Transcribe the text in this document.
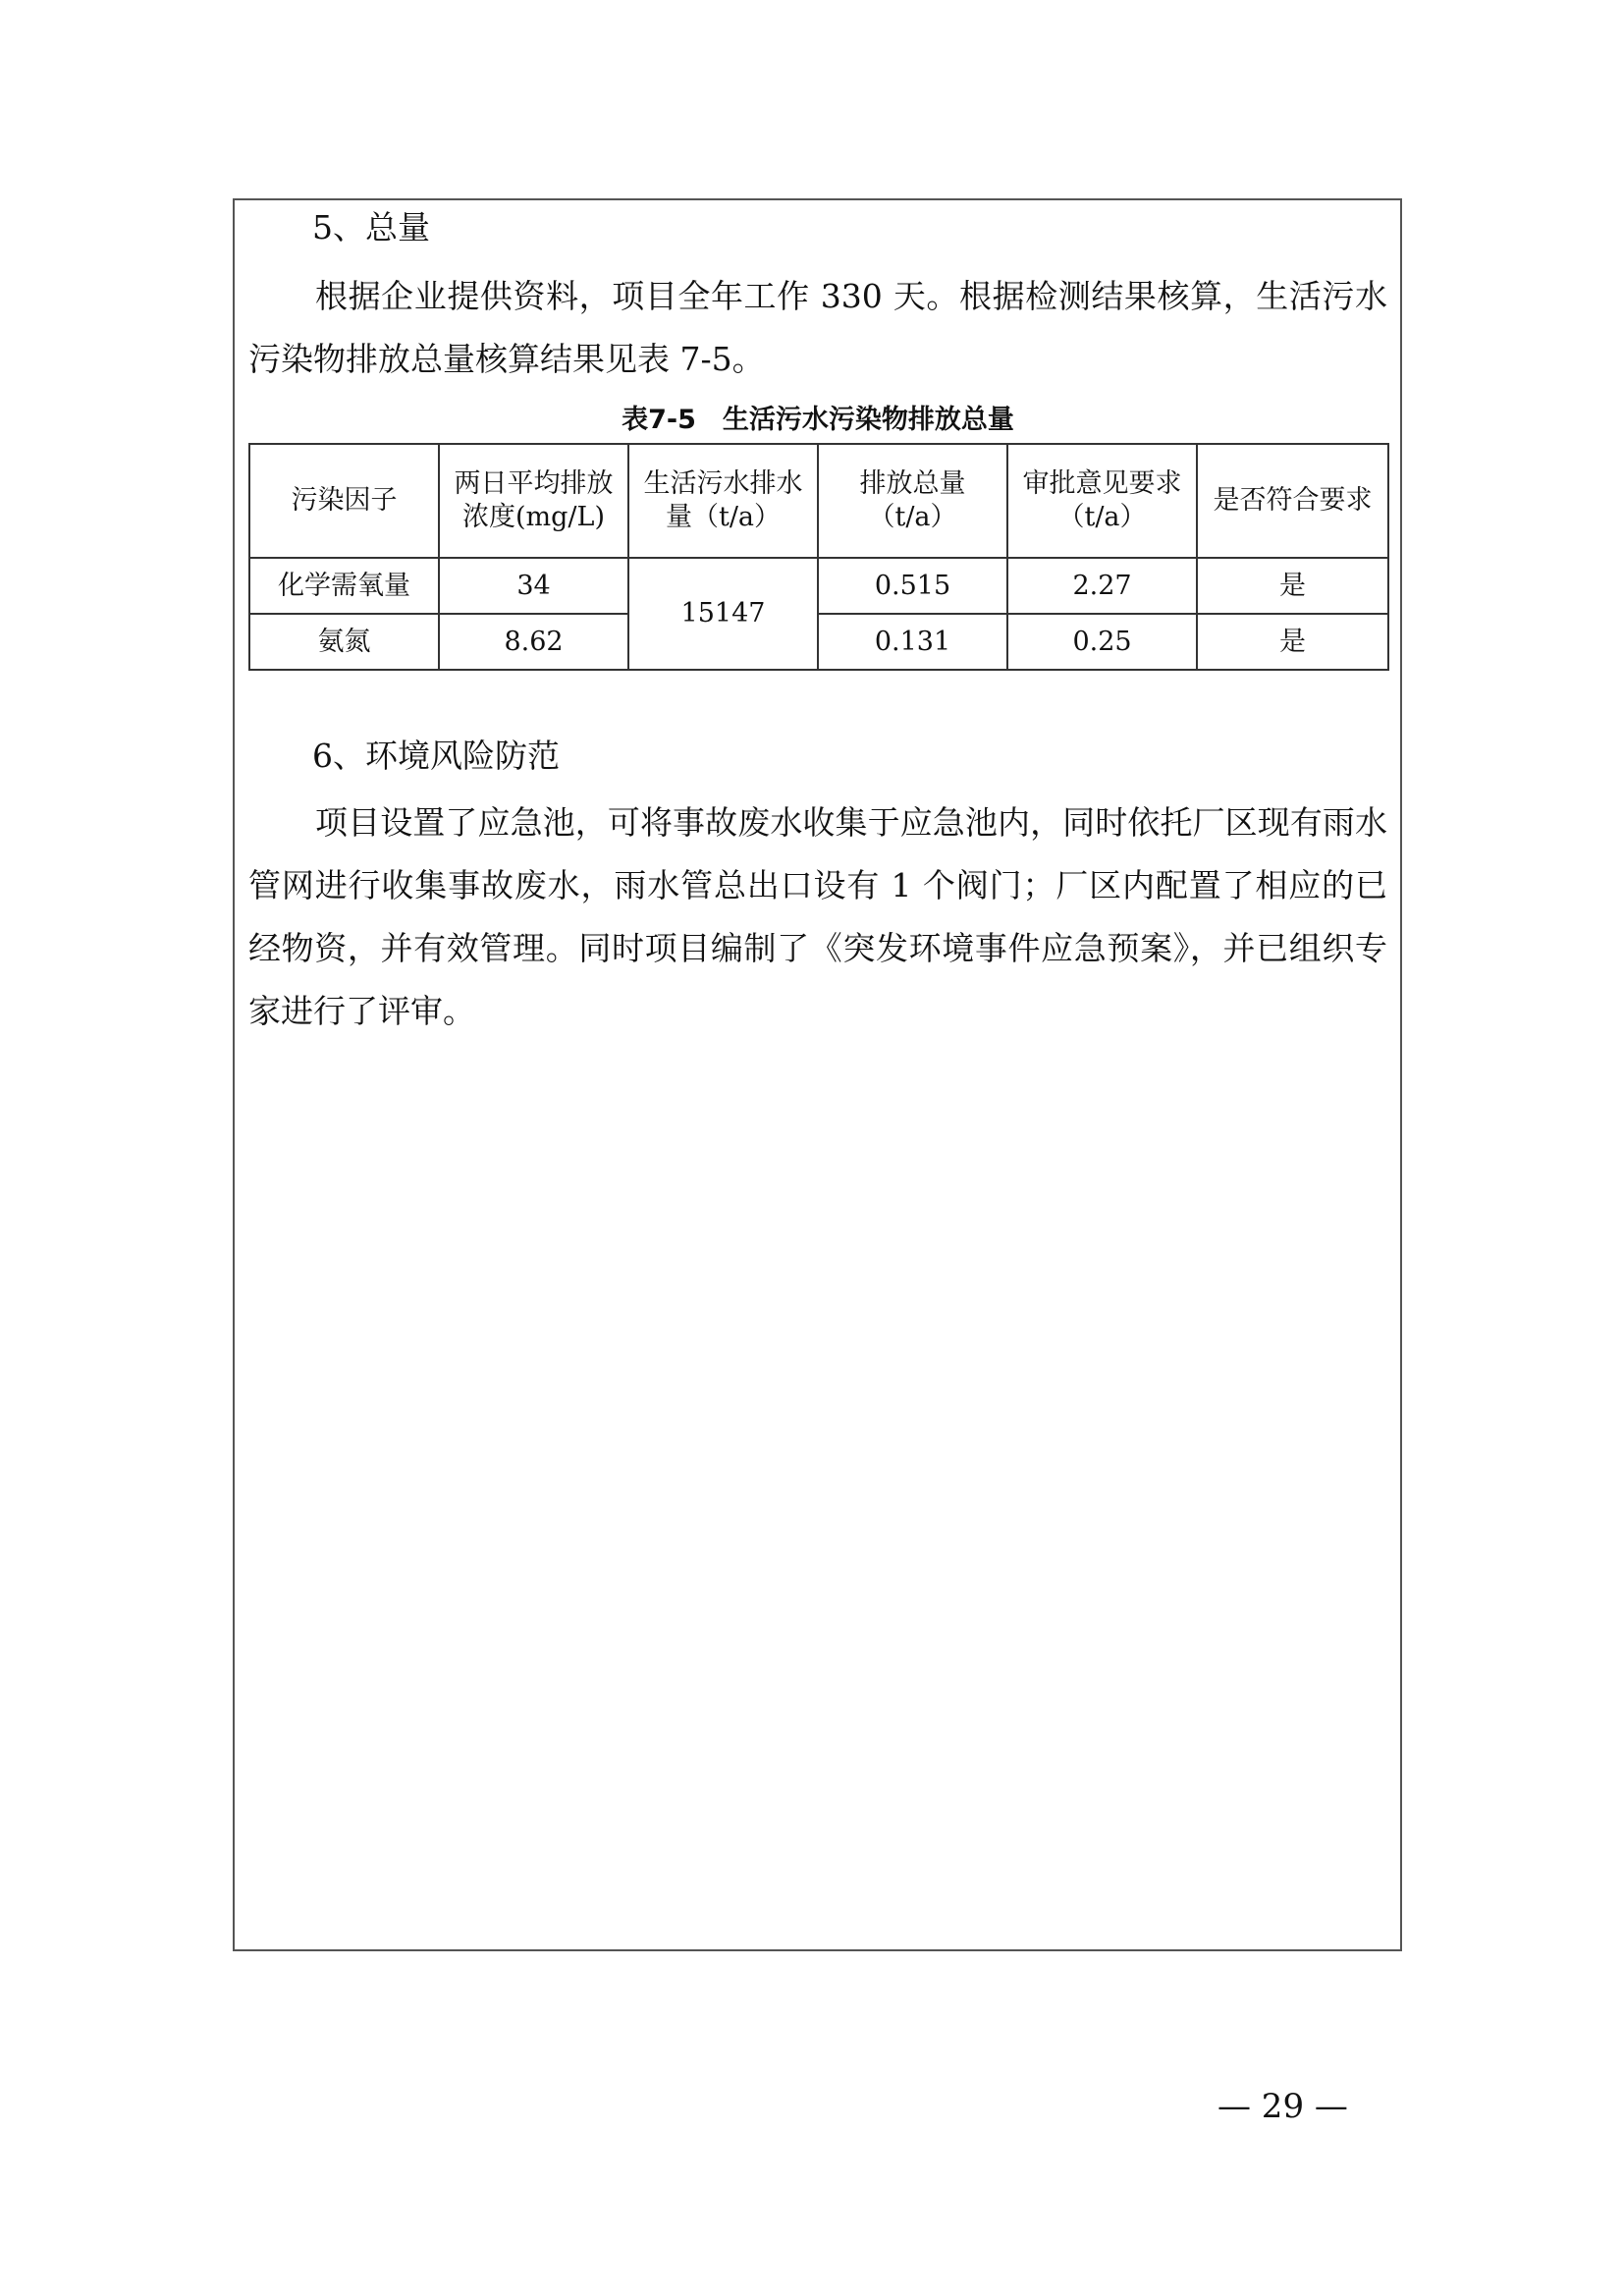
5、总量
根据企业提供资料，项目全年工作 330 天。根据检测结果核算，生活污水污染物排放总量核算结果见表 7-5。
表7-5　生活污水污染物排放总量
污染因子	两日平均排放浓度(mg/L)	生活污水排水量（t/a）	排放总量（t/a）	审批意见要求（t/a）	是否符合要求
化学需氧量	34	15147	0.515	2.27	是
氨氮	8.62		0.131	0.25	是
6、环境风险防范
项目设置了应急池，可将事故废水收集于应急池内，同时依托厂区现有雨水管网进行收集事故废水，雨水管总出口设有 1 个阀门；厂区内配置了相应的已经物资，并有效管理。同时项目编制了《突发环境事件应急预案》，并已组织专家进行了评审。
— 29 —
